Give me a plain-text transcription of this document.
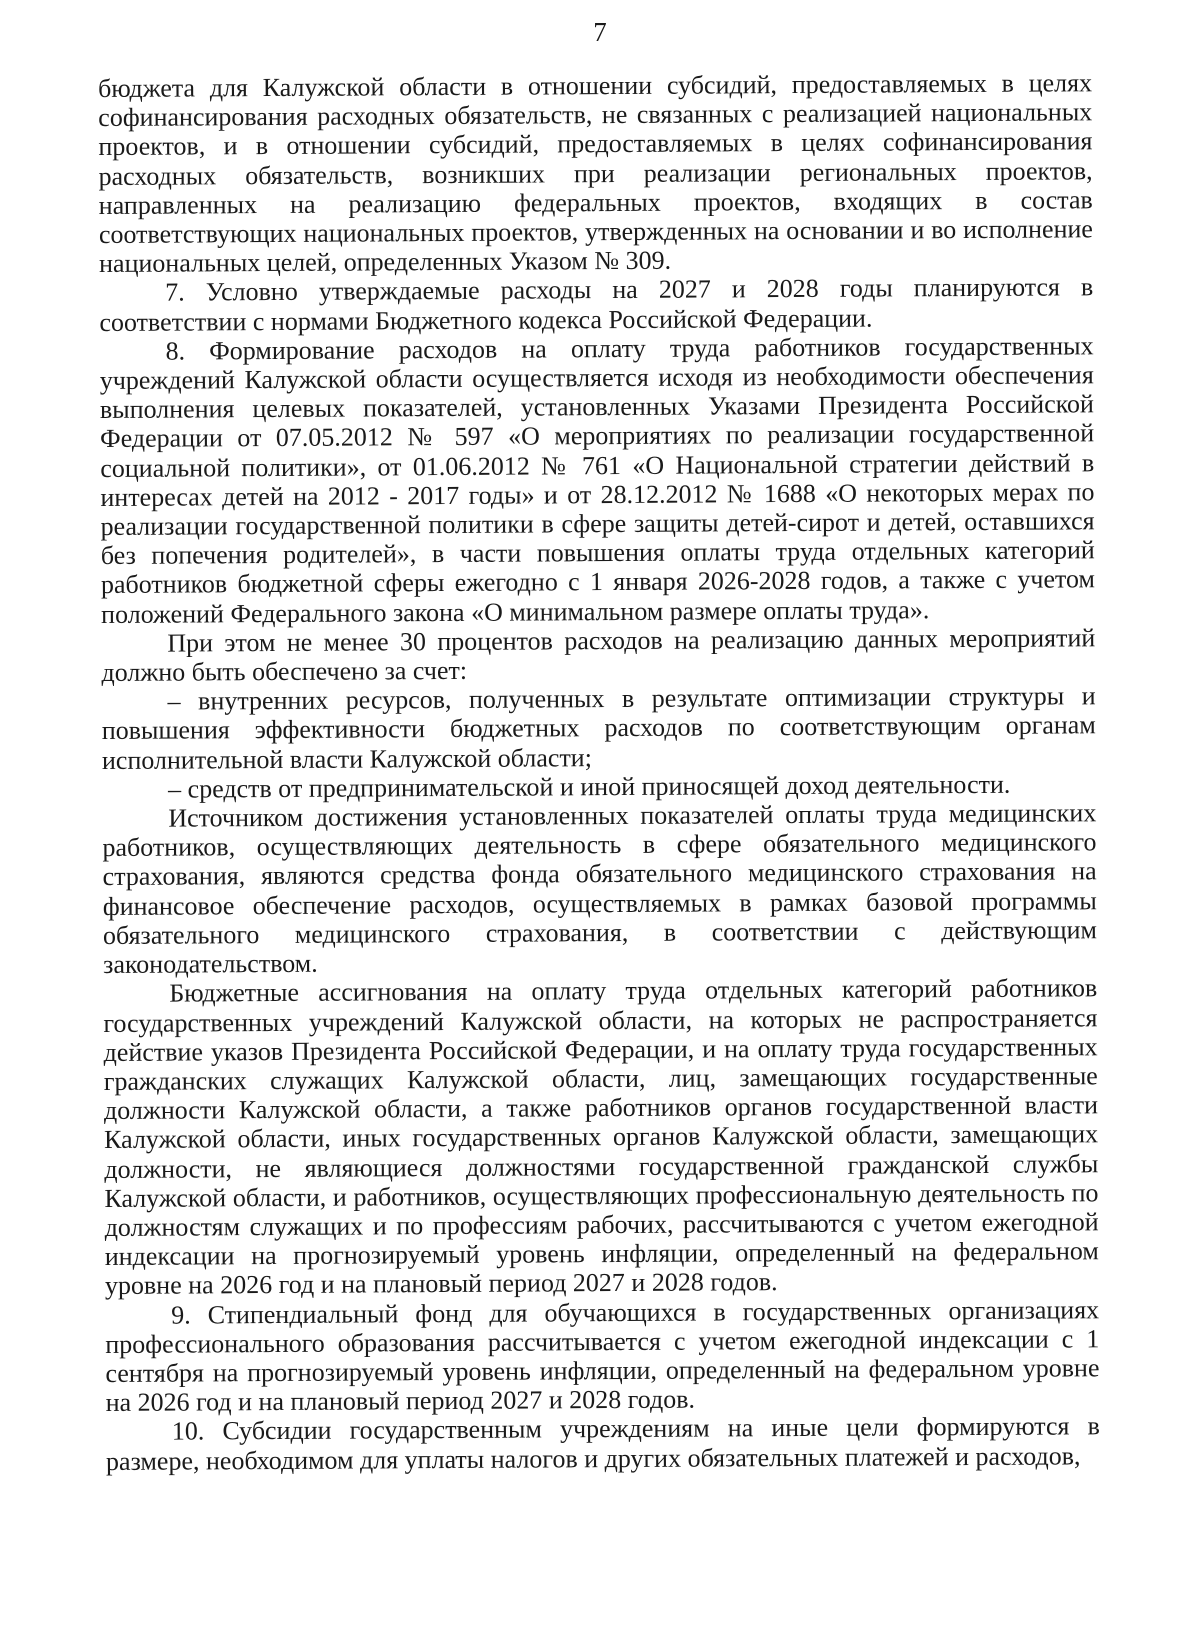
7

бюджета для Калужской области в отношении субсидий, предоставляемых в целях софинансирования расходных обязательств, не связанных с реализацией национальных проектов, и в отношении субсидий, предоставляемых в целях софинансирования расходных обязательств, возникших при реализации региональных проектов, направленных на реализацию федеральных проектов, входящих в состав соответствующих национальных проектов, утвержденных на основании и во исполнение национальных целей, определенных Указом № 309.

7. Условно утверждаемые расходы на 2027 и 2028 годы планируются в соответствии с нормами Бюджетного кодекса Российской Федерации.

8. Формирование расходов на оплату труда работников государственных учреждений Калужской области осуществляется исходя из необходимости обеспечения выполнения целевых показателей, установленных Указами Президента Российской Федерации от 07.05.2012 № 597 «О мероприятиях по реализации государственной социальной политики», от 01.06.2012 № 761 «О Национальной стратегии действий в интересах детей на 2012 - 2017 годы» и от 28.12.2012 № 1688 «О некоторых мерах по реализации государственной политики в сфере защиты детей-сирот и детей, оставшихся без попечения родителей», в части повышения оплаты труда отдельных категорий работников бюджетной сферы ежегодно с 1 января 2026-2028 годов, а также с учетом положений Федерального закона «О минимальном размере оплаты труда».

При этом не менее 30 процентов расходов на реализацию данных мероприятий должно быть обеспечено за счет:

– внутренних ресурсов, полученных в результате оптимизации структуры и повышения эффективности бюджетных расходов по соответствующим органам исполнительной власти Калужской области;

– средств от предпринимательской и иной приносящей доход деятельности.

Источником достижения установленных показателей оплаты труда медицинских работников, осуществляющих деятельность в сфере обязательного медицинского страхования, являются средства фонда обязательного медицинского страхования на финансовое обеспечение расходов, осуществляемых в рамках базовой программы обязательного медицинского страхования, в соответствии с действующим законодательством.

Бюджетные ассигнования на оплату труда отдельных категорий работников государственных учреждений Калужской области, на которых не распространяется действие указов Президента Российской Федерации, и на оплату труда государственных гражданских служащих Калужской области, лиц, замещающих государственные должности Калужской области, а также работников органов государственной власти Калужской области, иных государственных органов Калужской области, замещающих должности, не являющиеся должностями государственной гражданской службы Калужской области, и работников, осуществляющих профессиональную деятельность по должностям служащих и по профессиям рабочих, рассчитываются с учетом ежегодной индексации на прогнозируемый уровень инфляции, определенный на федеральном уровне на 2026 год и на плановый период 2027 и 2028 годов.

9. Стипендиальный фонд для обучающихся в государственных организациях профессионального образования рассчитывается с учетом ежегодной индексации с 1 сентября на прогнозируемый уровень инфляции, определенный на федеральном уровне на 2026 год и на плановый период 2027 и 2028 годов.

10. Субсидии государственным учреждениям на иные цели формируются в размере, необходимом для уплаты налогов и других обязательных платежей и расходов,
